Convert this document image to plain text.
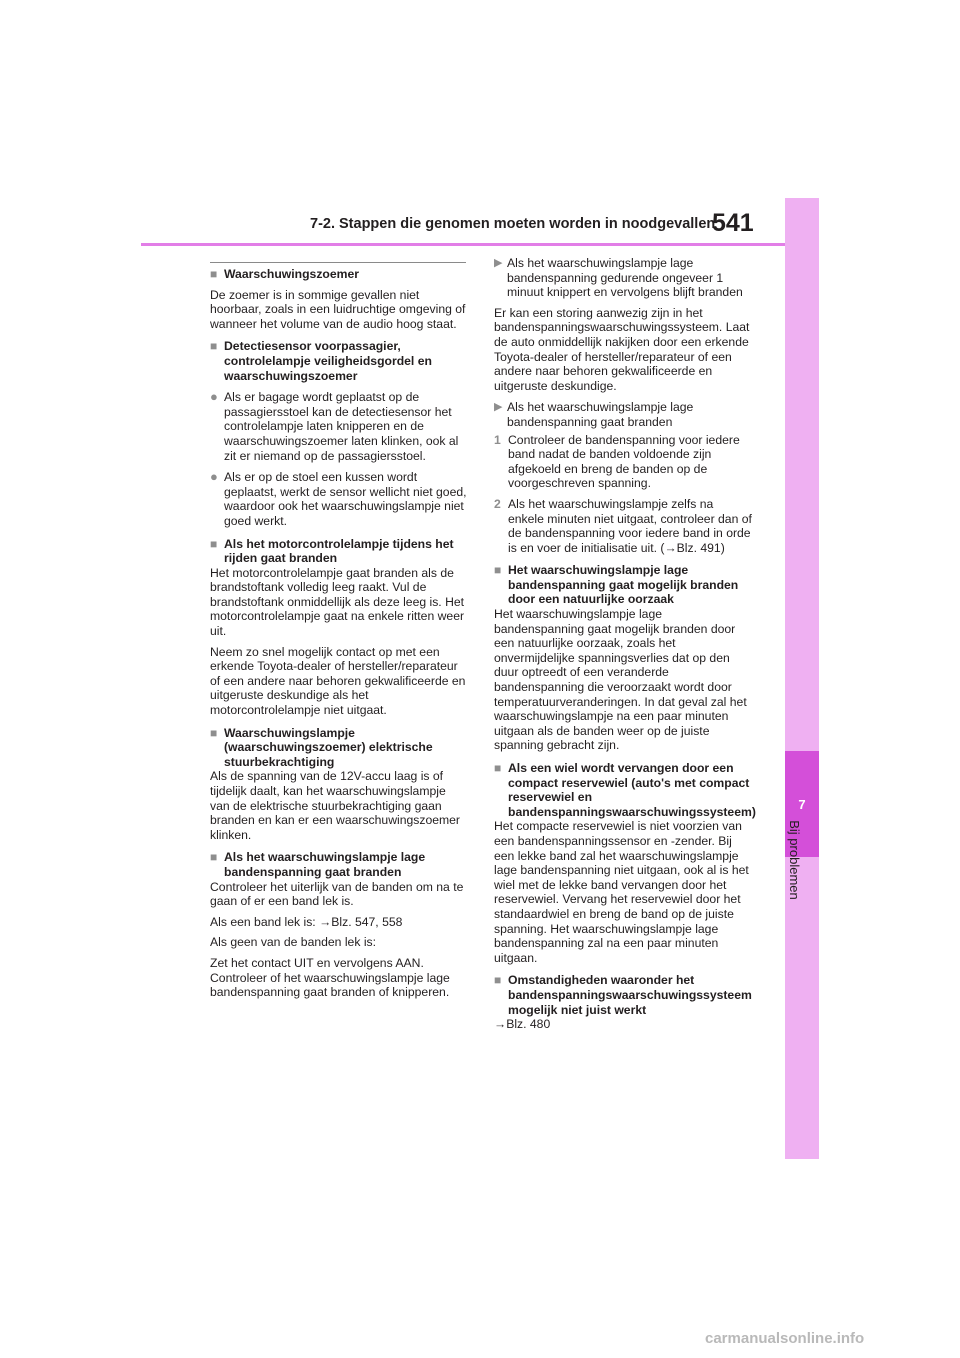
7-2. Stappen die genomen moeten worden in noodgevallen
541
7
Bij problemen
■ Waarschuwingszoemer

De zoemer is in sommige gevallen niet hoorbaar, zoals in een luidruchtige omgeving of wanneer het volume van de audio hoog staat.

■ Detectiesensor voorpassagier, controlelampje veiligheidsgordel en waarschuwingszoemer
● Als er bagage wordt geplaatst op de passagiersstoel kan de detectiesensor het controlelampje laten knipperen en de waarschuwingszoemer laten klinken, ook al zit er niemand op de passagiersstoel.
● Als er op de stoel een kussen wordt geplaatst, werkt de sensor wellicht niet goed, waardoor ook het waarschuwingslampje niet goed werkt.
■ Als het motorcontrolelampje tijdens het rijden gaat branden

Het motorcontrolelampje gaat branden als de brandstoftank volledig leeg raakt. Vul de brandstoftank onmiddellijk als deze leeg is. Het motorcontrolelampje gaat na enkele ritten weer uit.

Neem zo snel mogelijk contact op met een erkende Toyota-dealer of hersteller/reparateur of een andere naar behoren gekwalificeerde en uitgeruste deskundige als het motorcontrolelampje niet uitgaat.

■ Waarschuwingslampje (waarschuwingszoemer) elektrische stuurbekrachtiging

Als de spanning van de 12V-accu laag is of tijdelijk daalt, kan het waarschuwingslampje van de elektrische stuurbekrachtiging gaan branden en kan er een waarschuwingszoemer klinken.

■ Als het waarschuwingslampje lage bandenspanning gaat branden

Controleer het uiterlijk van de banden om na te gaan of er een band lek is.

Als een band lek is: →Blz. 547, 558

Als geen van de banden lek is:

Zet het contact UIT en vervolgens AAN. Controleer of het waarschuwingslampje lage bandenspanning gaat branden of knipperen.

▶ Als het waarschuwingslampje lage bandenspanning gedurende ongeveer 1 minuut knippert en vervolgens blijft branden

Er kan een storing aanwezig zijn in het bandenspanningswaarschuwingssysteem. Laat de auto onmiddellijk nakijken door een erkende Toyota-dealer of hersteller/reparateur of een andere naar behoren gekwalificeerde en uitgeruste deskundige.

▶ Als het waarschuwingslampje lage bandenspanning gaat branden
1 Controleer de bandenspanning voor iedere band nadat de banden voldoende zijn afgekoeld en breng de banden op de voorgeschreven spanning.
2 Als het waarschuwingslampje zelfs na enkele minuten niet uitgaat, controleer dan of de bandenspanning voor iedere band in orde is en voer de initialisatie uit. (→Blz. 491)
■ Het waarschuwingslampje lage bandenspanning gaat mogelijk branden door een natuurlijke oorzaak

Het waarschuwingslampje lage bandenspanning gaat mogelijk branden door een natuurlijke oorzaak, zoals het onvermijdelijke spanningsverlies dat op den duur optreedt of een veranderde bandenspanning die veroorzaakt wordt door temperatuurveranderingen. In dat geval zal het waarschuwingslampje na een paar minuten uitgaan als de banden weer op de juiste spanning gebracht zijn.

■ Als een wiel wordt vervangen door een compact reservewiel (auto's met compact reservewiel en bandenspanningswaarschuwingssysteem)

Het compacte reservewiel is niet voorzien van een bandenspanningssensor en -zender. Bij een lekke band zal het waarschuwingslampje lage bandenspanning niet uitgaan, ook al is het wiel met de lekke band vervangen door het reservewiel. Vervang het reservewiel door het standaardwiel en breng de band op de juiste spanning. Het waarschuwingslampje lage bandenspanning zal na een paar minuten uitgaan.

■ Omstandigheden waaronder het bandenspanningswaarschuwingssysteem mogelijk niet juist werkt

→Blz. 480

carmanualsonline.info
